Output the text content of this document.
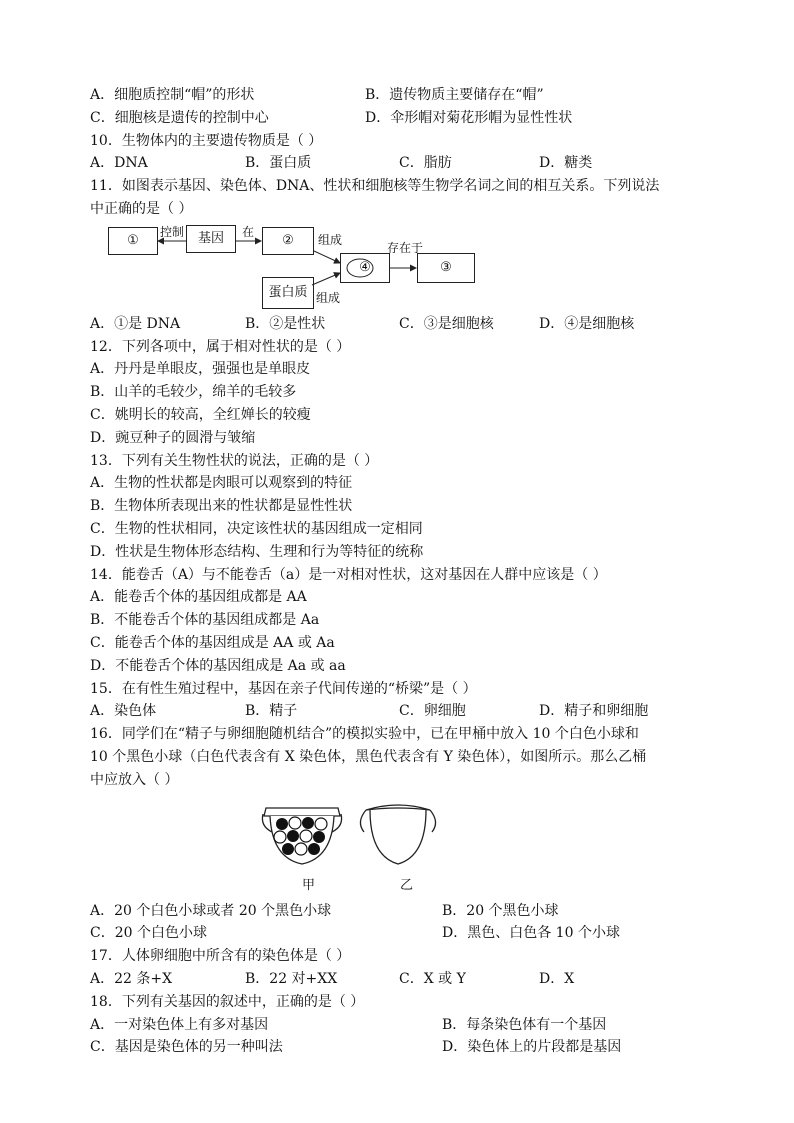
A．细胞质控制“帽”的形状	B．遗传物质主要储存在“帽”
C．细胞核是遗传的控制中心	D．伞形帽对菊花形帽为显性性状
10．生物体内的主要遗传物质是（ ）
A．DNA	B．蛋白质	C．脂肪	D．糖类
11．如图表示基因、染色体、DNA、性状和细胞核等生物学名词之间的相互关系。下列说法
中正确的是（ ）
①	基因	②
④	③
蛋白质
控制	在
组成
存在于
组成
A．①是 DNA	B．②是性状	C．③是细胞核	D．④是细胞核
12．下列各项中，属于相对性状的是（ ）
A．丹丹是单眼皮，强强也是单眼皮
B．山羊的毛较少，绵羊的毛较多
C．姚明长的较高，全红婵长的较瘦
D．豌豆种子的圆滑与皱缩
13．下列有关生物性状的说法，正确的是（ ）
A．生物的性状都是肉眼可以观察到的特征
B．生物体所表现出来的性状都是显性性状
C．生物的性状相同，决定该性状的基因组成一定相同
D．性状是生物体形态结构、生理和行为等特征的统称
14．能卷舌（A）与不能卷舌（a）是一对相对性状，这对基因在人群中应该是（ ）
A．能卷舌个体的基因组成都是 AA
B．不能卷舌个体的基因组成都是 Aa
C．能卷舌个体的基因组成是 AA 或 Aa
D．不能卷舌个体的基因组成是 Aa 或 aa
15．在有性生殖过程中，基因在亲子代间传递的“桥梁”是（ ）
A．染色体	B．精子	C．卵细胞	D．精子和卵细胞
16．同学们在“精子与卵细胞随机结合”的模拟实验中，已在甲桶中放入 10 个白色小球和
10 个黑色小球（白色代表含有 X 染色体，黑色代表含有 Y 染色体），如图所示。那么乙桶
中应放入（ ）
甲	乙
A．20 个白色小球或者 20 个黑色小球	B．20 个黑色小球
C．20 个白色小球	D．黑色、白色各 10 个小球
17．人体卵细胞中所含有的染色体是（ ）
A．22 条+X	B．22 对+XX	C．X 或 Y	D．X
18．下列有关基因的叙述中，正确的是（ ）
A．一对染色体上有多对基因	B．每条染色体有一个基因
C．基因是染色体的另一种叫法	D．染色体上的片段都是基因
